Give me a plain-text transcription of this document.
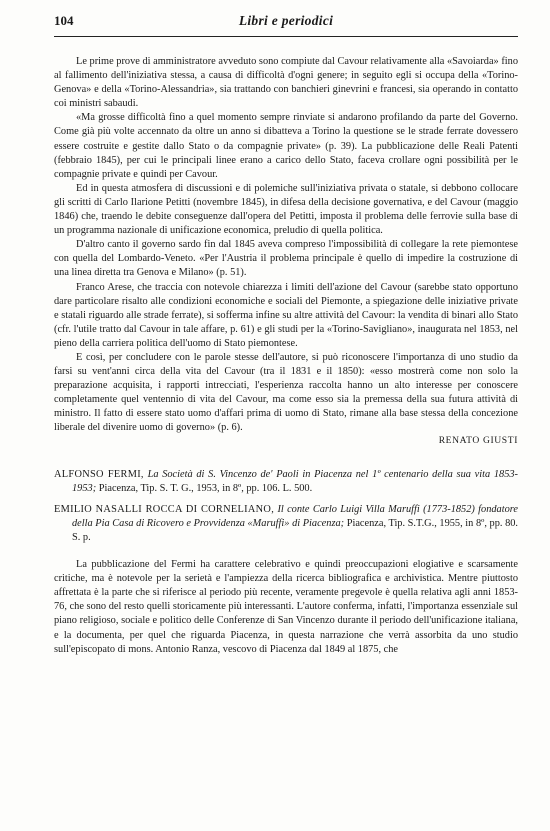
104	Libri e periodici

Le prime prove di amministratore avveduto sono compiute dal Cavour relativamente alla «Savoiarda» fino al fallimento dell'iniziativa stessa, a causa di difficoltà d'ogni genere; in seguito egli si occupa della «Torino-Genova» e della «Torino-Alessandria», sia trattando con banchieri ginevrini e francesi, sia operando in contatto coi ministri sabaudi.

«Ma grosse difficoltà fino a quel momento sempre rinviate si andarono profilando da parte del Governo. Come già più volte accennato da oltre un anno si dibatteva a Torino la questione se le strade ferrate dovessero essere costruite e gestite dallo Stato o da compagnie private» (p. 39). La pubblicazione delle Reali Patenti (febbraio 1845), per cui le principali linee erano a carico dello Stato, faceva crollare ogni possibilità per le compagnie private e quindi per Cavour.

Ed in questa atmosfera di discussioni e di polemiche sull'iniziativa privata o statale, si debbono collocare gli scritti di Carlo Ilarione Petitti (novembre 1845), in difesa della decisione governativa, e del Cavour (maggio 1846) che, traendo le debite conseguenze dall'opera del Petitti, imposta il problema delle ferrovie sulla base di un programma nazionale di unificazione economica, preludio di quella politica.

D'altro canto il governo sardo fin dal 1845 aveva compreso l'impossibilità di collegare la rete piemontese con quella del Lombardo-Veneto. «Per l'Austria il problema principale è quello di impedire la costruzione di una linea diretta tra Genova e Milano» (p. 51).

Franco Arese, che traccia con notevole chiarezza i limiti dell'azione del Cavour (sarebbe stato opportuno dare particolare risalto alle condizioni economiche e sociali del Piemonte, a spiegazione delle iniziative private e statali riguardo alle strade ferrate), si sofferma infine su altre attività del Cavour: la vendita di binari allo Stato (cfr. l'utile tratto dal Cavour in tale affare, p. 61) e gli studi per la «Torino-Savigliano», inaugurata nel 1853, nel pieno della carriera politica dell'uomo di Stato piemontese.

E così, per concludere con le parole stesse dell'autore, si può riconoscere l'importanza di uno studio da farsi su vent'anni circa della vita del Cavour (tra il 1831 e il 1850): «esso mostrerà come non solo la preparazione acquisita, i rapporti intrecciati, l'esperienza raccolta hanno un alto interesse per conoscere completamente quel ventennio di vita del Cavour, ma come esso sia la premessa della sua futura attività di ministro. Il fatto di essere stato uomo d'affari prima di uomo di Stato, rimane alla base stessa della concezione liberale del divenire uomo di governo» (p. 6).

RENATO GIUSTI
ALFONSO FERMI, La Società di S. Vincenzo de' Paoli in Piacenza nel 1º centenario della sua vita 1853-1953; Piacenza, Tip. S. T. G., 1953, in 8º, pp. 106. L. 500.
EMILIO NASALLI ROCCA DI CORNELIANO, Il conte Carlo Luigi Villa Maruffi (1773-1852) fondatore della Pia Casa di Ricovero e Provvidenza «Maruffi» di Piacenza; Piacenza, Tip. S.T.G., 1955, in 8º, pp. 80. S. p.

La pubblicazione del Fermi ha carattere celebrativo e quindi preoccupazioni elogiative e scarsamente critiche, ma è notevole per la serietà e l'ampiezza della ricerca bibliografica e archivistica. Mentre piuttosto affrettata è la parte che si riferisce al periodo più recente, veramente pregevole è quella relativa agli anni 1853-76, che sono del resto quelli storicamente più interessanti. L'autore conferma, infatti, l'importanza essenziale sul piano religioso, sociale e politico delle Conferenze di San Vincenzo durante il periodo dell'unificazione italiana, e la documenta, per quel che riguarda Piacenza, in questa narrazione che verrà assorbita da uno studio sull'episcopato di mons. Antonio Ranza, vescovo di Piacenza dal 1849 al 1875, che
